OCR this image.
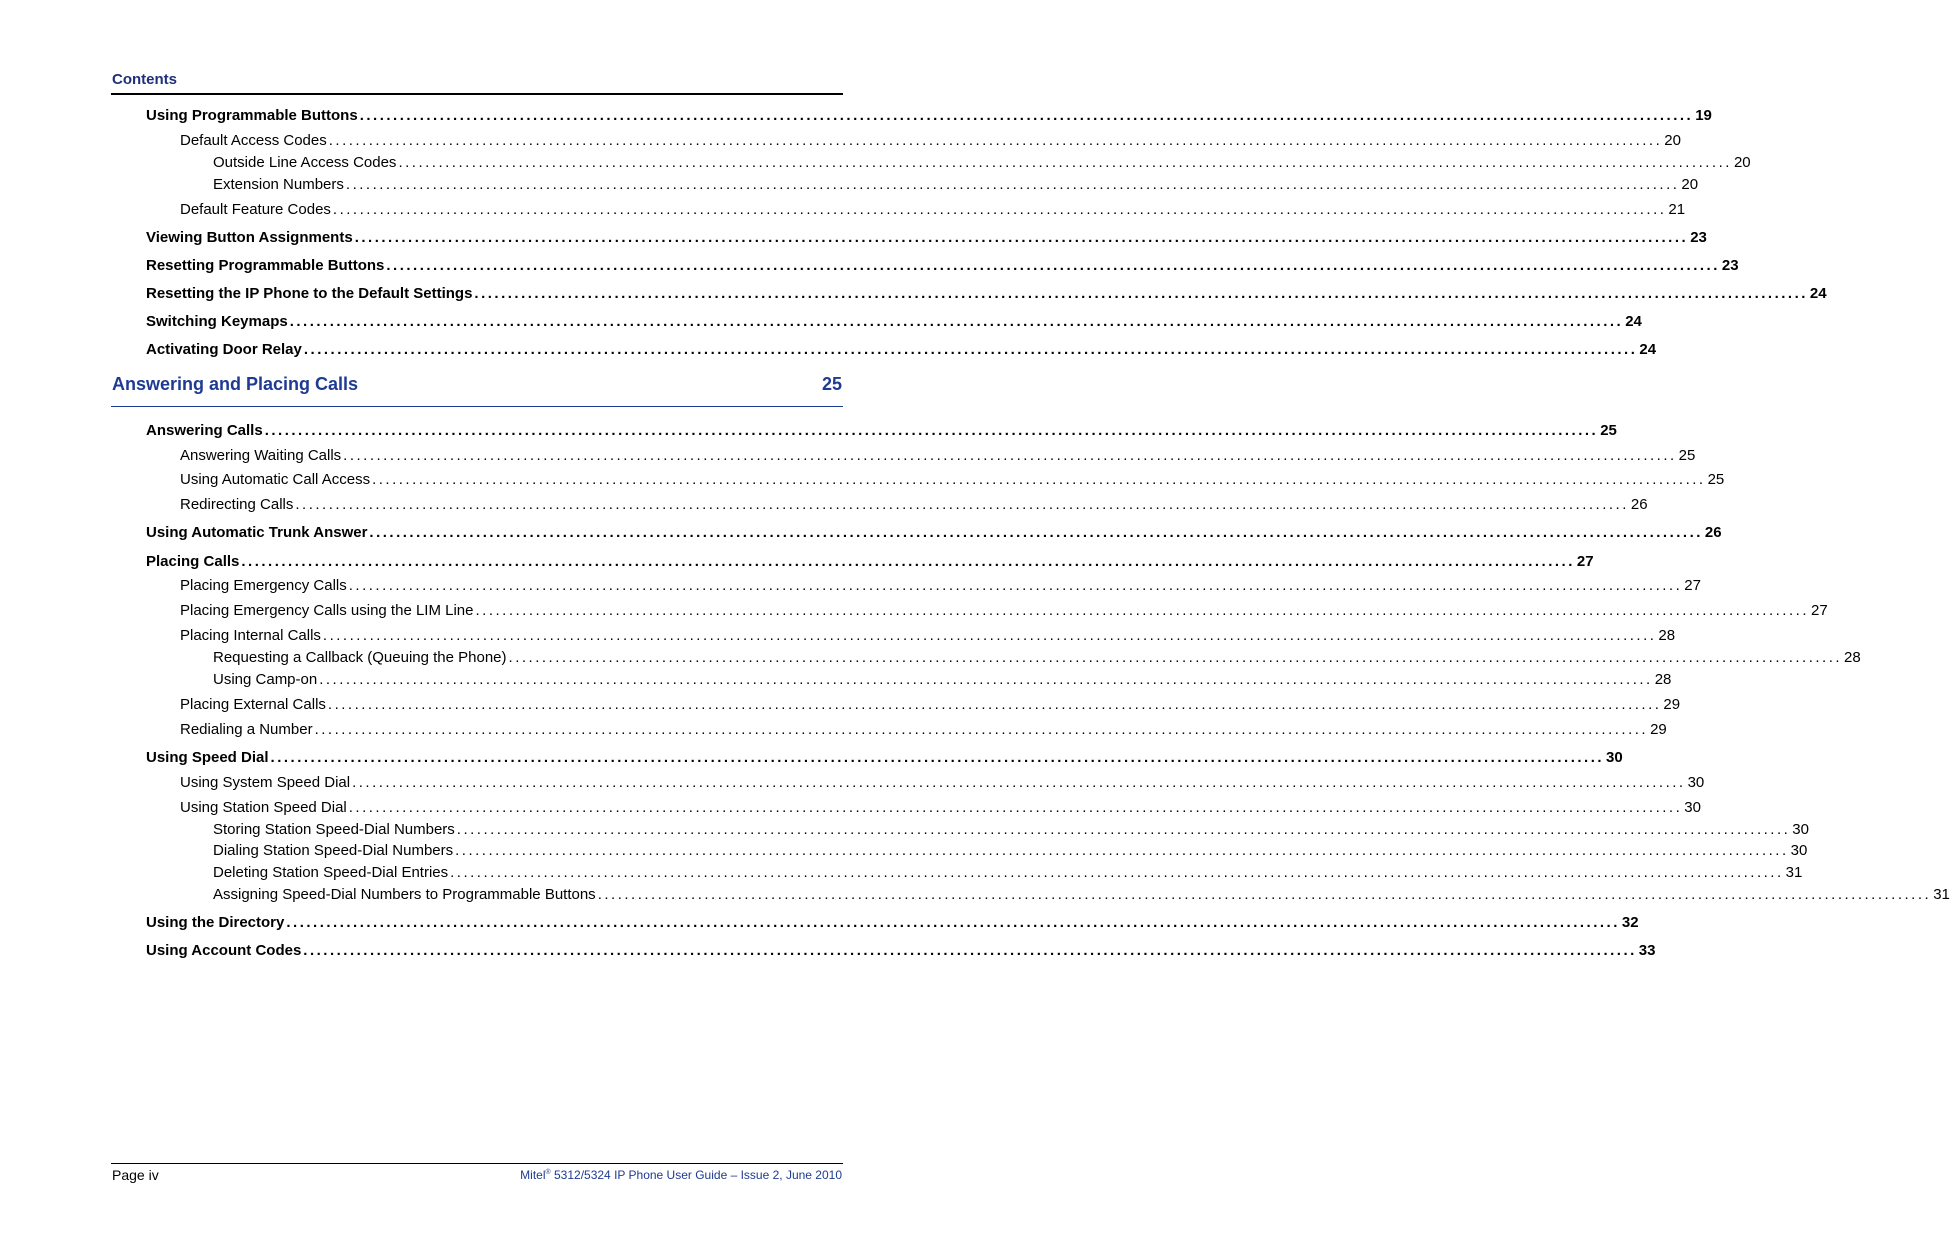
Contents
Using Programmable Buttons ........................................................................................................................................................................................................ 19
Default Access Codes ........................................................................................................................................................................................................ 20
Outside Line Access Codes ........................................................................................................................................................................................................ 20
Extension Numbers ........................................................................................................................................................................................................ 20
Default Feature Codes ........................................................................................................................................................................................................ 21
Viewing Button Assignments ........................................................................................................................................................................................................ 23
Resetting Programmable Buttons ........................................................................................................................................................................................................ 23
Resetting the IP Phone to the Default Settings ........................................................................................................................................................................................................ 24
Switching Keymaps ........................................................................................................................................................................................................ 24
Activating Door Relay ........................................................................................................................................................................................................ 24
Answering Calls ........................................................................................................................................................................................................ 25
Answering Waiting Calls ........................................................................................................................................................................................................ 25
Using Automatic Call Access ........................................................................................................................................................................................................ 25
Redirecting Calls ........................................................................................................................................................................................................ 26
Using Automatic Trunk Answer ........................................................................................................................................................................................................ 26
Placing Calls ........................................................................................................................................................................................................ 27
Placing Emergency Calls ........................................................................................................................................................................................................ 27
Placing Emergency Calls using the LIM Line ........................................................................................................................................................................................................ 27
Placing Internal Calls ........................................................................................................................................................................................................ 28
Requesting a Callback (Queuing the Phone) ........................................................................................................................................................................................................ 28
Using Camp-on ........................................................................................................................................................................................................ 28
Placing External Calls ........................................................................................................................................................................................................ 29
Redialing a Number ........................................................................................................................................................................................................ 29
Using Speed Dial ........................................................................................................................................................................................................ 30
Using System Speed Dial ........................................................................................................................................................................................................ 30
Using Station Speed Dial ........................................................................................................................................................................................................ 30
Storing Station Speed-Dial Numbers ........................................................................................................................................................................................................ 30
Dialing Station Speed-Dial Numbers ........................................................................................................................................................................................................ 30
Deleting Station Speed-Dial Entries ........................................................................................................................................................................................................ 31
Assigning Speed-Dial Numbers to Programmable Buttons ........................................................................................................................................................................................................ 31
Using the Directory ........................................................................................................................................................................................................ 32
Using Account Codes ........................................................................................................................................................................................................ 33
Answering and Placing Calls	25
Page iv	Mitel® 5312/5324 IP Phone User Guide – Issue 2, June 2010
